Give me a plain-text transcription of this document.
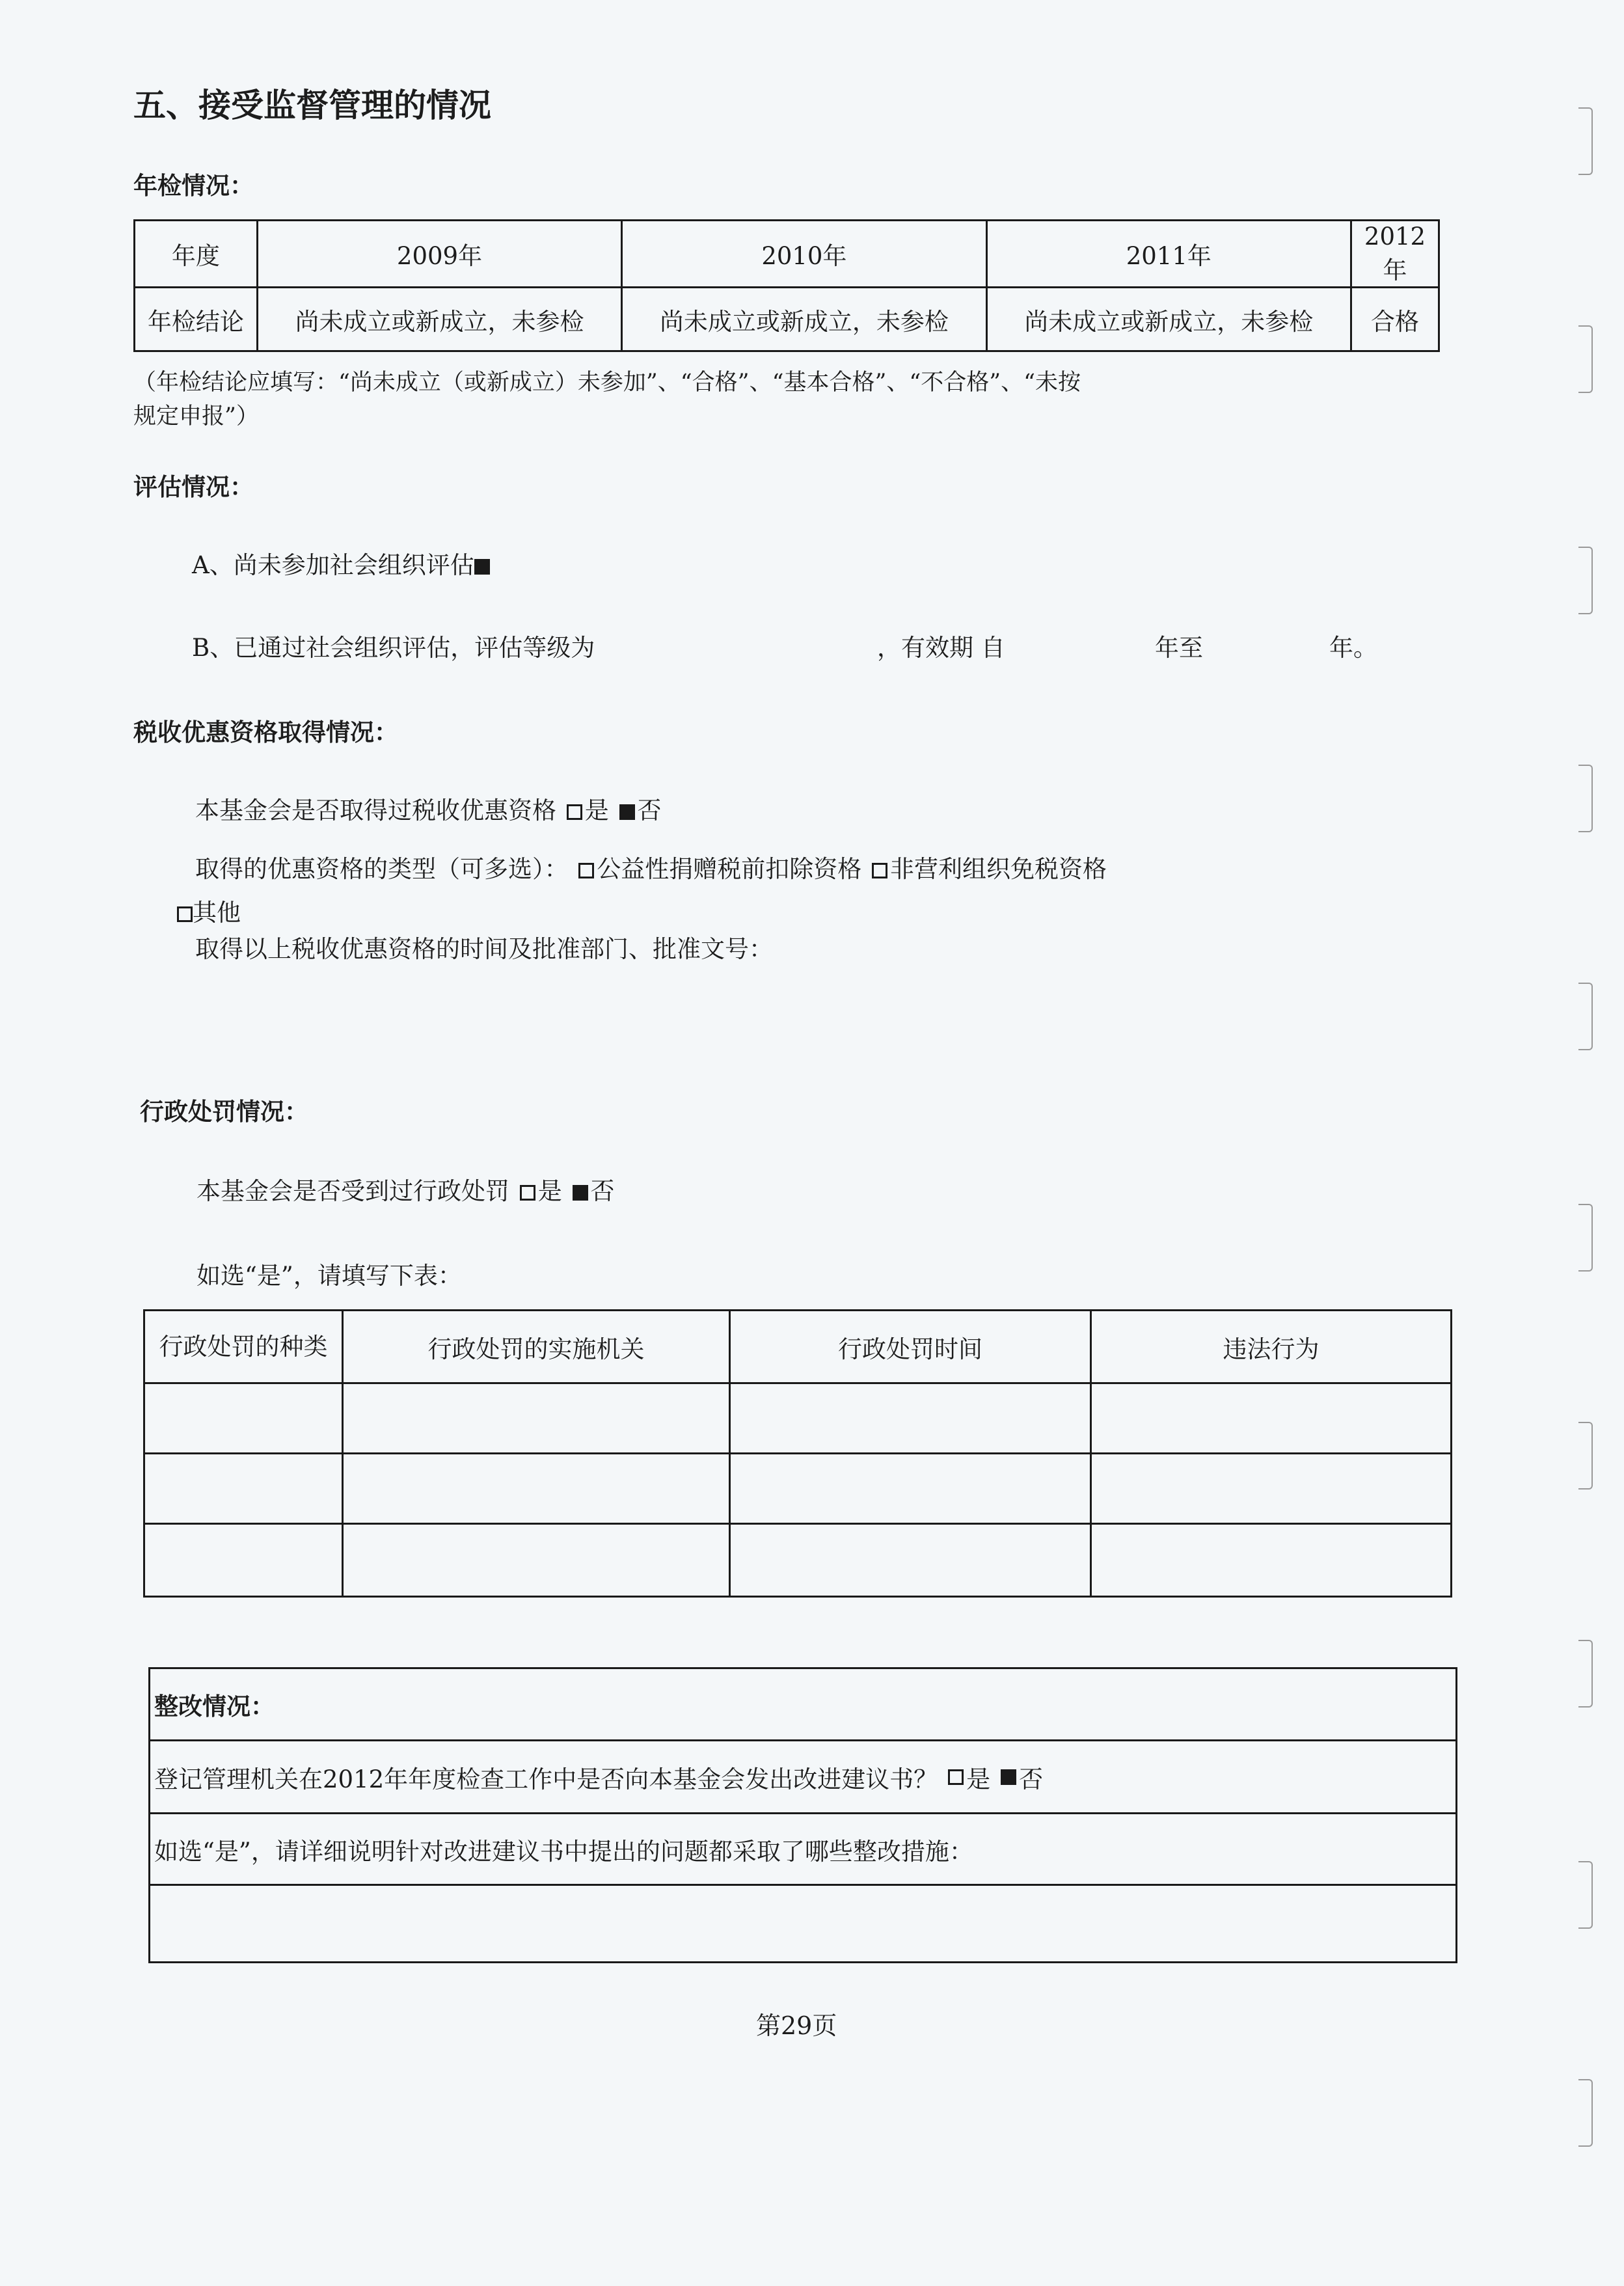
五、接受监督管理的情况
年检情况：
年度	2009年	2010年	2011年	2012年
年检结论	尚未成立或新成立，未参检	尚未成立或新成立，未参检	尚未成立或新成立，未参检	合格
（年检结论应填写：“尚未成立（或新成立）未参加”、“合格”、“基本合格”、“不合格”、“未按
规定申报”）
评估情况：
A、尚未参加社会组织评估
B、已通过社会组织评估，评估等级为	，有效期 自	年至	年。
税收优惠资格取得情况：
本基金会是否取得过税收优惠资格 是 否
取得的优惠资格的类型（可多选）： 公益性捐赠税前扣除资格 非营利组织免税资格
其他
取得以上税收优惠资格的时间及批准部门、批准文号：
行政处罚情况：
本基金会是否受到过行政处罚 是 否
如选“是”，请填写下表：
行政处罚的种类	行政处罚的实施机关	行政处罚时间	违法行为

整改情况：
登记管理机关在2012年年度检查工作中是否向本基金会发出改进建议书？ 是 否
如选“是”，请详细说明针对改进建议书中提出的问题都采取了哪些整改措施：
第29页
